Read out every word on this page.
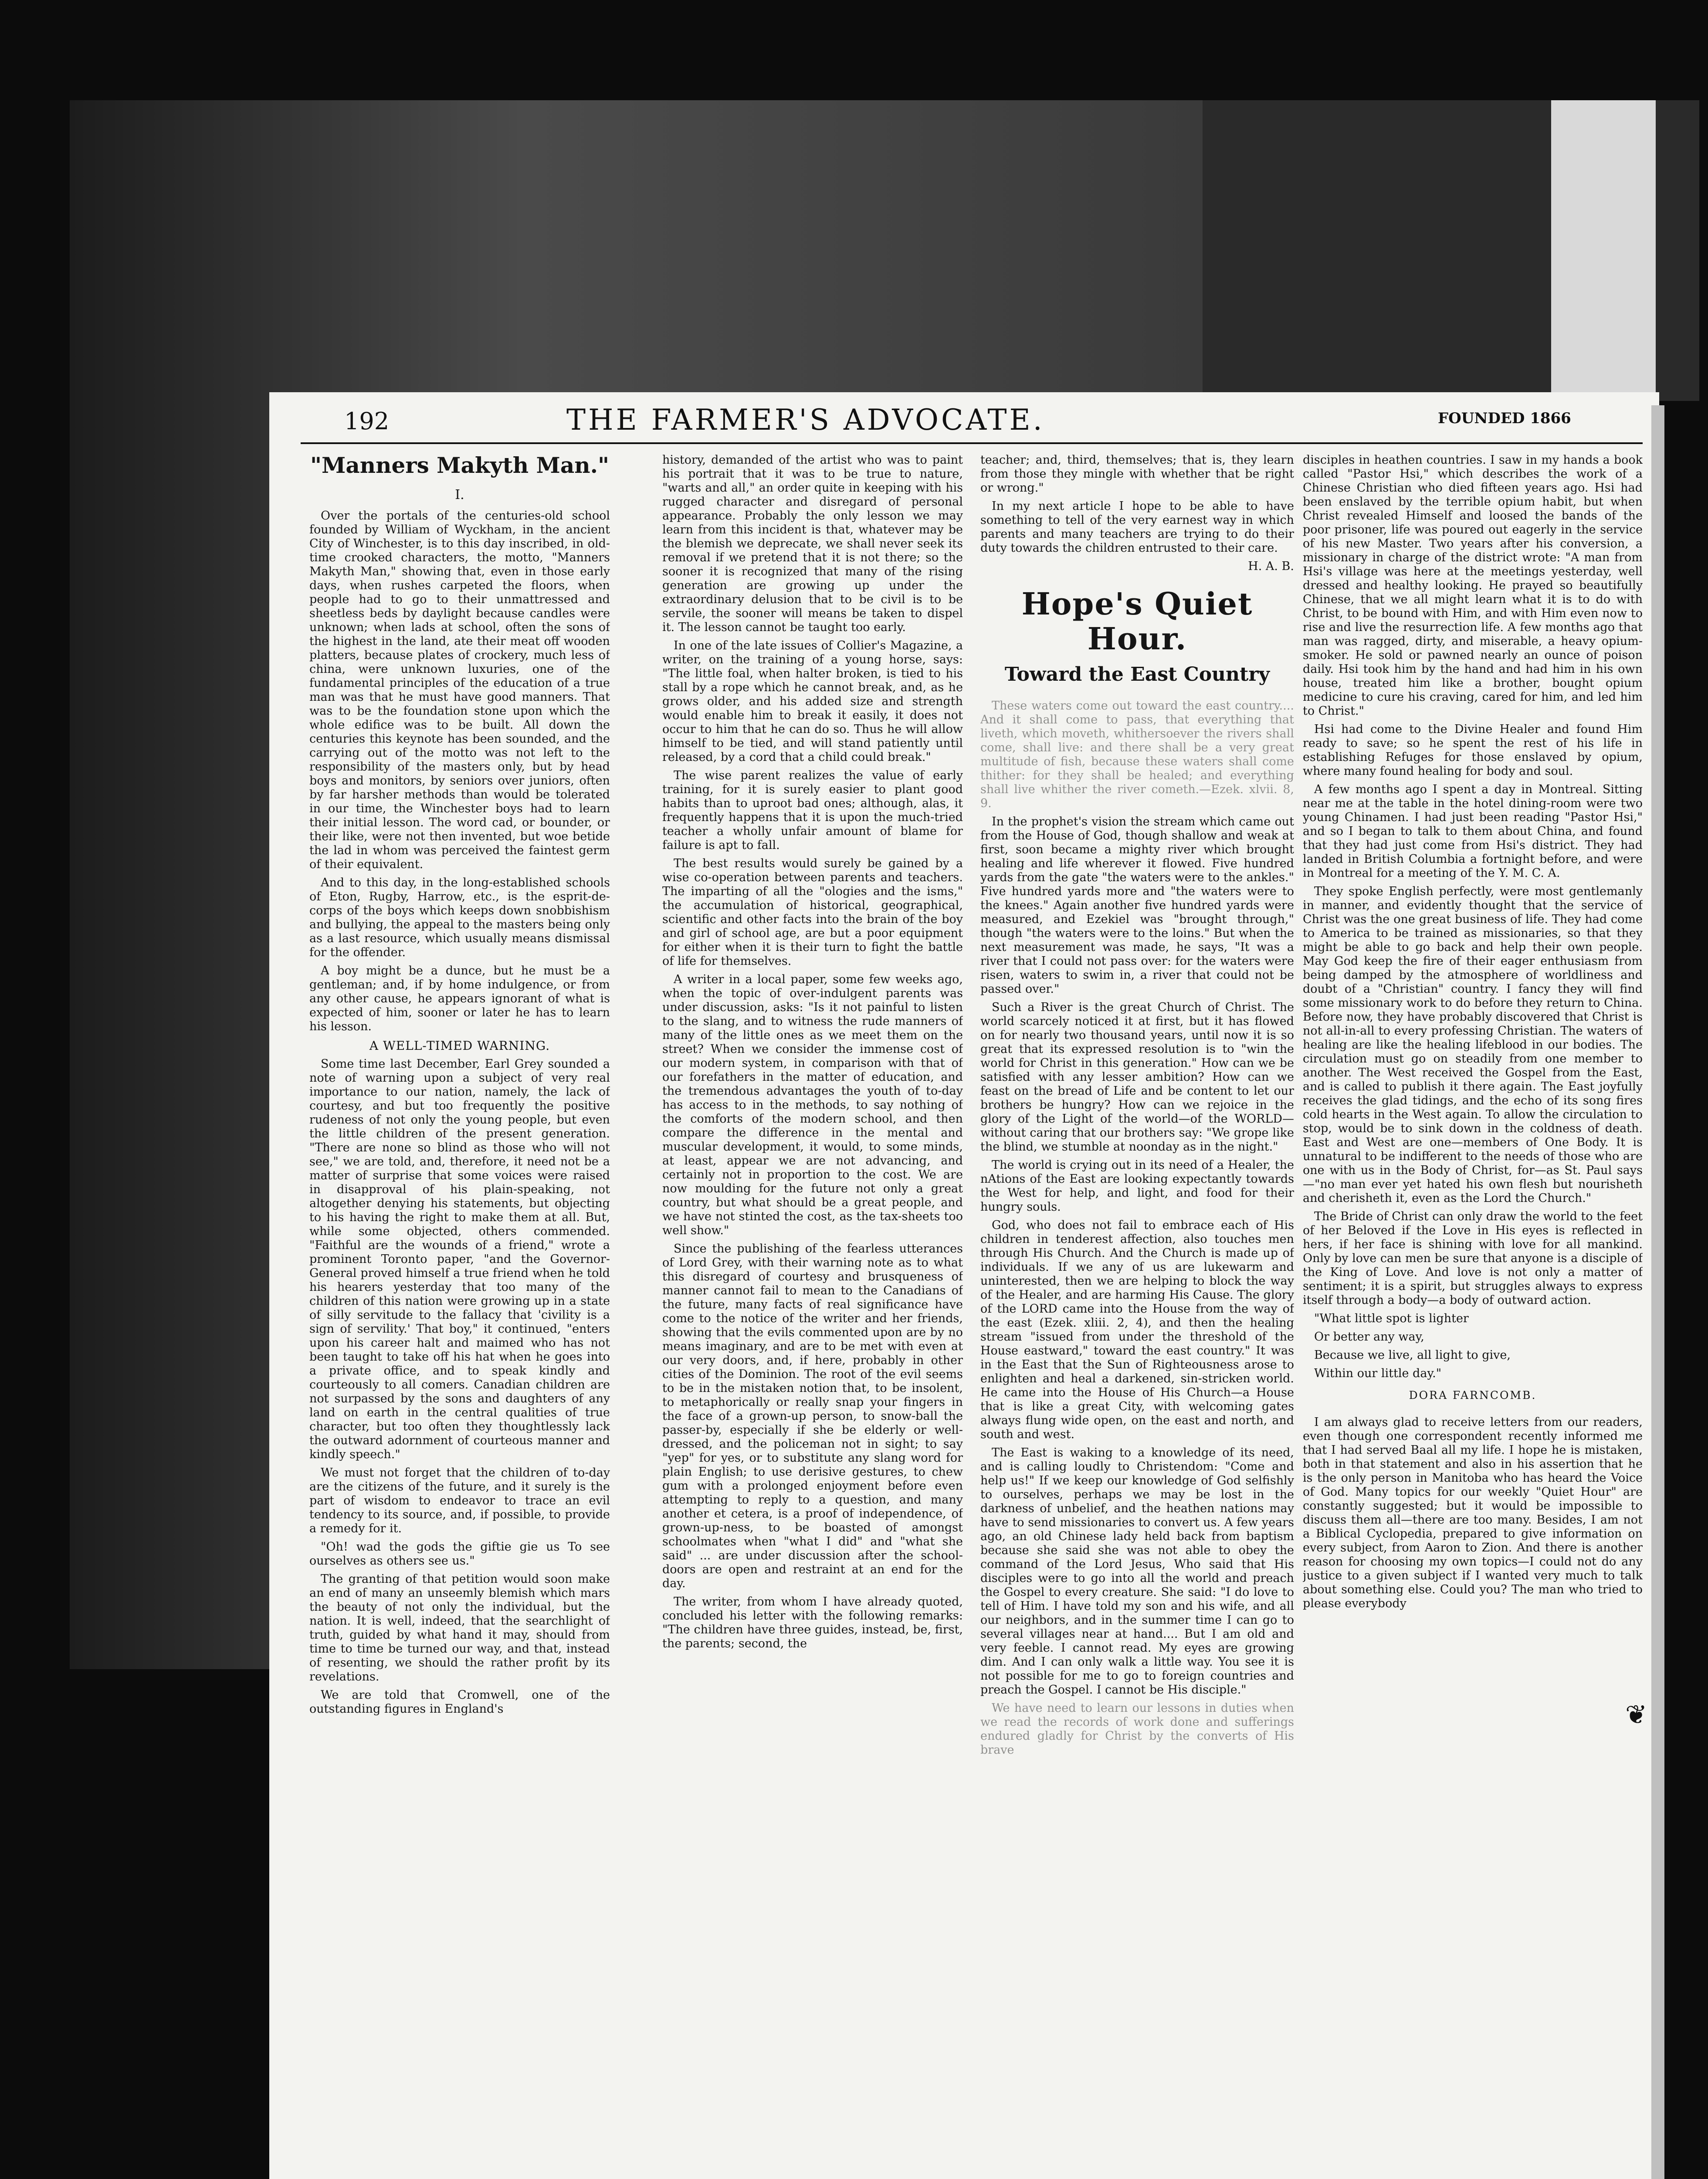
192	THE FARMER'S ADVOCATE.	FOUNDED 1866
"Manners Makyth Man."
I.

Over the portals of the centuries-old school founded by William of Wyckham, in the ancient City of Winchester, is to this day inscribed, in old-time crooked characters, the motto, "Manners Makyth Man," showing that, even in those early days, when rushes carpeted the floors, when people had to go to their unmattressed and sheetless beds by daylight because candles were unknown; when lads at school, often the sons of the highest in the land, ate their meat off wooden platters, because plates of crockery, much less of china, were unknown luxuries, one of the fundamental principles of the education of a true man was that he must have good manners. That was to be the foundation stone upon which the whole edifice was to be built. All down the centuries this keynote has been sounded, and the carrying out of the motto was not left to the responsibility of the masters only, but by head boys and monitors, by seniors over juniors, often by far harsher methods than would be tolerated in our time, the Winchester boys had to learn their initial lesson. The word cad, or bounder, or their like, were not then invented, but woe betide the lad in whom was perceived the faintest germ of their equivalent.

And to this day, in the long-established schools of Eton, Rugby, Harrow, etc., is the esprit-de-corps of the boys which keeps down snobbishism and bullying, the appeal to the masters being only as a last resource, which usually means dismissal for the offender.

A boy might be a dunce, but he must be a gentleman; and, if by home indulgence, or from any other cause, he appears ignorant of what is expected of him, sooner or later he has to learn his lesson.

A WELL-TIMED WARNING.

Some time last December, Earl Grey sounded a note of warning upon a subject of very real importance to our nation, namely, the lack of courtesy, and but too frequently the positive rudeness of not only the young people, but even the little children of the present generation. "There are none so blind as those who will not see," we are told, and, therefore, it need not be a matter of surprise that some voices were raised in disapproval of his plain-speaking, not altogether denying his statements, but objecting to his having the right to make them at all. But, while some objected, others commended. "Faithful are the wounds of a friend," wrote a prominent Toronto paper, "and the Governor-General proved himself a true friend when he told his hearers yesterday that too many of the children of this nation were growing up in a state of silly servitude to the fallacy that 'civility is a sign of servility.' That boy," it continued, "enters upon his career halt and maimed who has not been taught to take off his hat when he goes into a private office, and to speak kindly and courteously to all comers. Canadian children are not surpassed by the sons and daughters of any land on earth in the central qualities of true character, but too often they thoughtlessly lack the outward adornment of courteous manner and kindly speech."

We must not forget that the children of to-day are the citizens of the future, and it surely is the part of wisdom to endeavor to trace an evil tendency to its source, and, if possible, to provide a remedy for it.

"Oh! wad the gods the giftie gie us To see ourselves as others see us."

The granting of that petition would soon make an end of many an unseemly blemish which mars the beauty of not only the individual, but the nation. It is well, indeed, that the searchlight of truth, guided by what hand it may, should from time to time be turned our way, and that, instead of resenting, we should the rather profit by its revelations.

We are told that Cromwell, one of the outstanding figures in England's

history, demanded of the artist who was to paint his portrait that it was to be true to nature, "warts and all," an order quite in keeping with his rugged character and disregard of personal appearance. Probably the only lesson we may learn from this incident is that, whatever may be the blemish we deprecate, we shall never seek its removal if we pretend that it is not there; so the sooner it is recognized that many of the rising generation are growing up under the extraordinary delusion that to be civil is to be servile, the sooner will means be taken to dispel it. The lesson cannot be taught too early.

In one of the late issues of Collier's Magazine, a writer, on the training of a young horse, says: "The little foal, when halter broken, is tied to his stall by a rope which he cannot break, and, as he grows older, and his added size and strength would enable him to break it easily, it does not occur to him that he can do so. Thus he will allow himself to be tied, and will stand patiently until released, by a cord that a child could break."

The wise parent realizes the value of early training, for it is surely easier to plant good habits than to uproot bad ones; although, alas, it frequently happens that it is upon the much-tried teacher a wholly unfair amount of blame for failure is apt to fall.

The best results would surely be gained by a wise co-operation between parents and teachers. The imparting of all the "ologies and the isms," the accumulation of historical, geographical, scientific and other facts into the brain of the boy and girl of school age, are but a poor equipment for either when it is their turn to fight the battle of life for themselves.

A writer in a local paper, some few weeks ago, when the topic of over-indulgent parents was under discussion, asks: "Is it not painful to listen to the slang, and to witness the rude manners of many of the little ones as we meet them on the street? When we consider the immense cost of our modern system, in comparison with that of our forefathers in the matter of education, and the tremendous advantages the youth of to-day has access to in the methods, to say nothing of the comforts of the modern school, and then compare the difference in the mental and muscular development, it would, to some minds, at least, appear we are not advancing, and certainly not in proportion to the cost. We are now moulding for the future not only a great country, but what should be a great people, and we have not stinted the cost, as the tax-sheets too well show."

Since the publishing of the fearless utterances of Lord Grey, with their warning note as to what this disregard of courtesy and brusqueness of manner cannot fail to mean to the Canadians of the future, many facts of real significance have come to the notice of the writer and her friends, showing that the evils commented upon are by no means imaginary, and are to be met with even at our very doors, and, if here, probably in other cities of the Dominion. The root of the evil seems to be in the mistaken notion that, to be insolent, to metaphorically or really snap your fingers in the face of a grown-up person, to snow-ball the passer-by, especially if she be elderly or well-dressed, and the policeman not in sight; to say "yep" for yes, or to substitute any slang word for plain English; to use derisive gestures, to chew gum with a prolonged enjoyment before even attempting to reply to a question, and many another et cetera, is a proof of independence, of grown-up-ness, to be boasted of amongst schoolmates when "what I did" and "what she said" ... are under discussion after the school-doors are open and restraint at an end for the day.

The writer, from whom I have already quoted, concluded his letter with the following remarks: "The children have three guides, instead, be, first, the parents; second, the

teacher; and, third, themselves; that is, they learn from those they mingle with whether that be right or wrong."

In my next article I hope to be able to have something to tell of the very earnest way in which parents and many teachers are trying to do their duty towards the children entrusted to their care.

H. A. B.
Hope's Quiet Hour.
Toward the East Country

These waters come out toward the east country.... And it shall come to pass, that everything that liveth, which moveth, whithersoever the rivers shall come, shall live: and there shall be a very great multitude of fish, because these waters shall come thither: for they shall be healed; and everything shall live whither the river cometh.—Ezek. xlvii. 8, 9.

In the prophet's vision the stream which came out from the House of God, though shallow and weak at first, soon became a mighty river which brought healing and life wherever it flowed. Five hundred yards from the gate "the waters were to the ankles." Five hundred yards more and "the waters were to the knees." Again another five hundred yards were measured, and Ezekiel was "brought through," though "the waters were to the loins." But when the next measurement was made, he says, "It was a river that I could not pass over: for the waters were risen, waters to swim in, a river that could not be passed over."

Such a River is the great Church of Christ. The world scarcely noticed it at first, but it has flowed on for nearly two thousand years, until now it is so great that its expressed resolution is to "win the world for Christ in this generation." How can we be satisfied with any lesser ambition? How can we feast on the bread of Life and be content to let our brothers be hungry? How can we rejoice in the glory of the Light of the world—of the WORLD—without caring that our brothers say: "We grope like the blind, we stumble at noonday as in the night."

The world is crying out in its need of a Healer, the nAtions of the East are looking expectantly towards the West for help, and light, and food for their hungry souls.

God, who does not fail to embrace each of His children in tenderest affection, also touches men through His Church. And the Church is made up of individuals. If we any of us are lukewarm and uninterested, then we are helping to block the way of the Healer, and are harming His Cause. The glory of the LORD came into the House from the way of the east (Ezek. xliii. 2, 4), and then the healing stream "issued from under the threshold of the House eastward," toward the east country." It was in the East that the Sun of Righteousness arose to enlighten and heal a darkened, sin-stricken world. He came into the House of His Church—a House that is like a great City, with welcoming gates always flung wide open, on the east and north, and south and west.

The East is waking to a knowledge of its need, and is calling loudly to Christendom: "Come and help us!" If we keep our knowledge of God selfishly to ourselves, perhaps we may be lost in the darkness of unbelief, and the heathen nations may have to send missionaries to convert us. A few years ago, an old Chinese lady held back from baptism because she said she was not able to obey the command of the Lord Jesus, Who said that His disciples were to go into all the world and preach the Gospel to every creature. She said: "I do love to tell of Him. I have told my son and his wife, and all our neighbors, and in the summer time I can go to several villages near at hand.... But I am old and very feeble. I cannot read. My eyes are growing dim. And I can only walk a little way. You see it is not possible for me to go to foreign countries and preach the Gospel. I cannot be His disciple."

We have need to learn our lessons in duties when we read the records of work done and sufferings endured gladly for Christ by the converts of His brave

disciples in heathen countries. I saw in my hands a book called "Pastor Hsi," which describes the work of a Chinese Christian who died fifteen years ago. Hsi had been enslaved by the terrible opium habit, but when Christ revealed Himself and loosed the bands of the poor prisoner, life was poured out eagerly in the service of his new Master. Two years after his conversion, a missionary in charge of the district wrote: "A man from Hsi's village was here at the meetings yesterday, well dressed and healthy looking. He prayed so beautifully Chinese, that we all might learn what it is to do with Christ, to be bound with Him, and with Him even now to rise and live the resurrection life. A few months ago that man was ragged, dirty, and miserable, a heavy opium-smoker. He sold or pawned nearly an ounce of poison daily. Hsi took him by the hand and had him in his own house, treated him like a brother, bought opium medicine to cure his craving, cared for him, and led him to Christ."

Hsi had come to the Divine Healer and found Him ready to save; so he spent the rest of his life in establishing Refuges for those enslaved by opium, where many found healing for body and soul.

A few months ago I spent a day in Montreal. Sitting near me at the table in the hotel dining-room were two young Chinamen. I had just been reading "Pastor Hsi," and so I began to talk to them about China, and found that they had just come from Hsi's district. They had landed in British Columbia a fortnight before, and were in Montreal for a meeting of the Y. M. C. A.

They spoke English perfectly, were most gentlemanly in manner, and evidently thought that the service of Christ was the one great business of life. They had come to America to be trained as missionaries, so that they might be able to go back and help their own people. May God keep the fire of their eager enthusiasm from being damped by the atmosphere of worldliness and doubt of a "Christian" country. I fancy they will find some missionary work to do before they return to China. Before now, they have probably discovered that Christ is not all-in-all to every professing Christian. The waters of healing are like the healing lifeblood in our bodies. The circulation must go on steadily from one member to another. The West received the Gospel from the East, and is called to publish it there again. The East joyfully receives the glad tidings, and the echo of its song fires cold hearts in the West again. To allow the circulation to stop, would be to sink down in the coldness of death. East and West are one—members of One Body. It is unnatural to be indifferent to the needs of those who are one with us in the Body of Christ, for—as St. Paul says—"no man ever yet hated his own flesh but nourisheth and cherisheth it, even as the Lord the Church."

The Bride of Christ can only draw the world to the feet of her Beloved if the Love in His eyes is reflected in hers, if her face is shining with love for all mankind. Only by love can men be sure that anyone is a disciple of the King of Love. And love is not only a matter of sentiment; it is a spirit, but struggles always to express itself through a body—a body of outward action.

"What little spot is lighter

Or better any way,

Because we live, all light to give,

Within our little day."

DORA FARNCOMB.

I am always glad to receive letters from our readers, even though one correspondent recently informed me that I had served Baal all my life. I hope he is mistaken, both in that statement and also in his assertion that he is the only person in Manitoba who has heard the Voice of God. Many topics for our weekly "Quiet Hour" are constantly suggested; but it would be impossible to discuss them all—there are too many. Besides, I am not a Biblical Cyclopedia, prepared to give information on every subject, from Aaron to Zion. And there is another reason for choosing my own topics—I could not do any justice to a given subject if I wanted very much to talk about something else. Could you? The man who tried to please everybody

❦
